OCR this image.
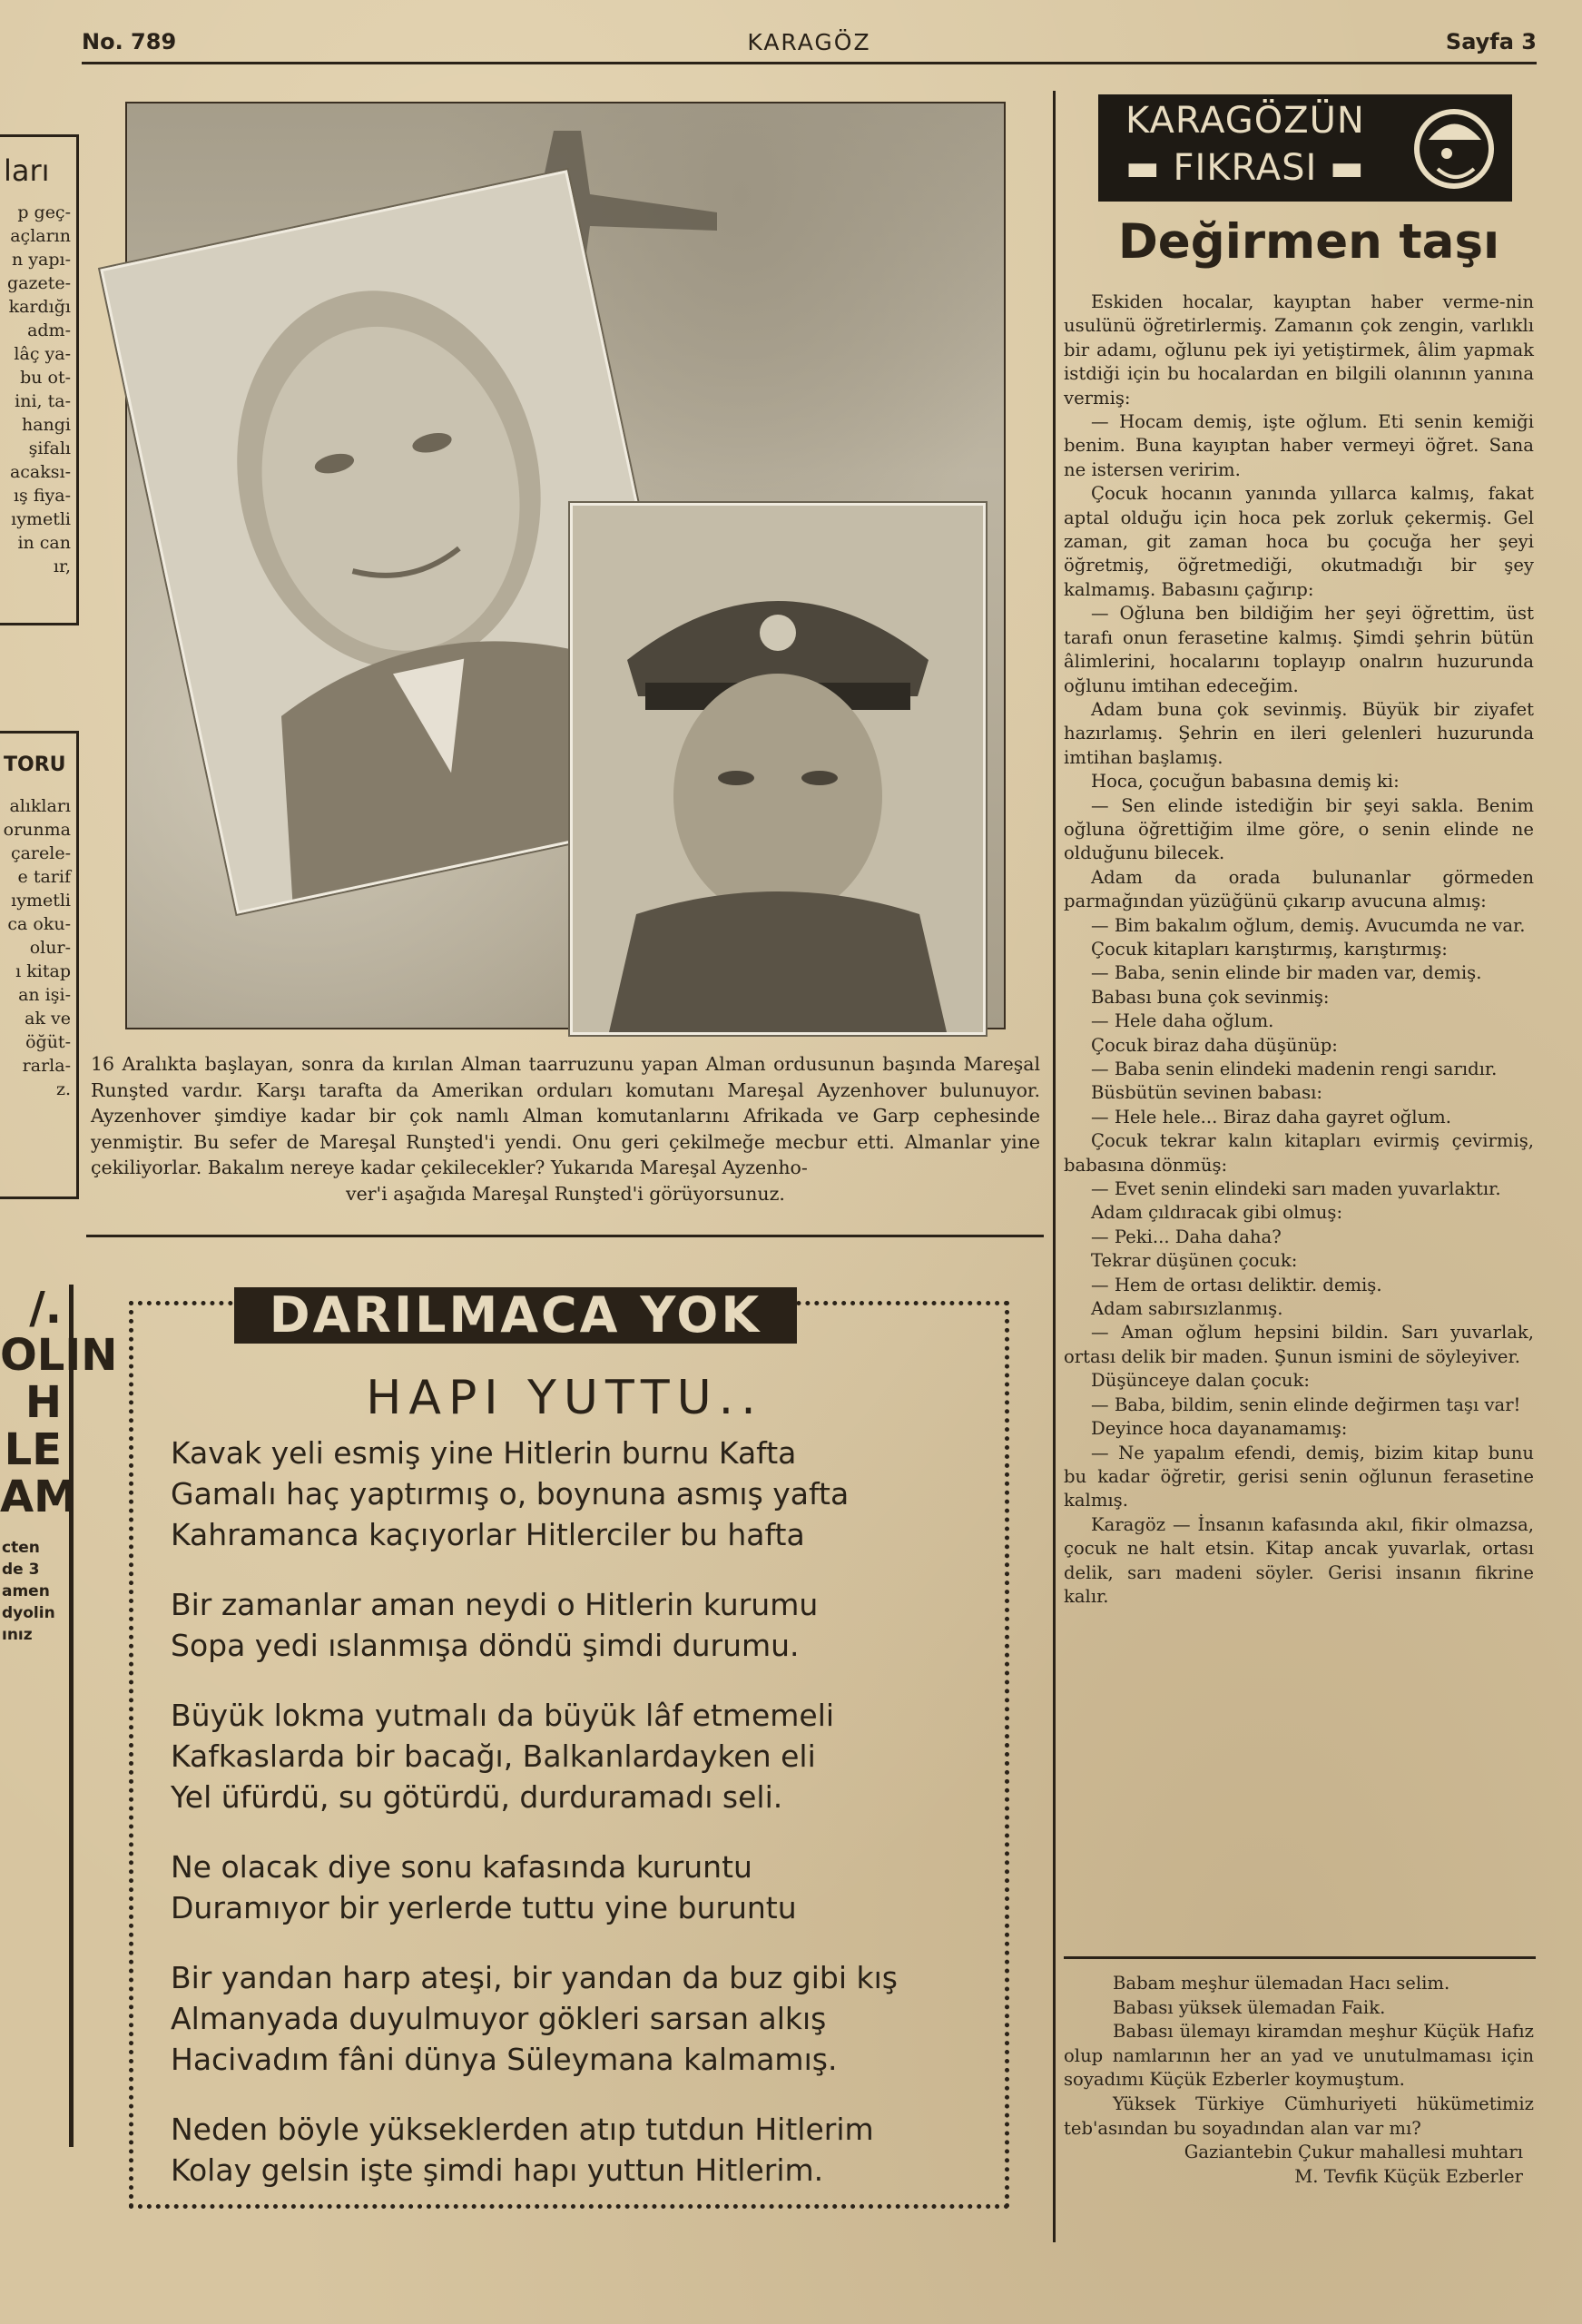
No. 789	KARAGÖZ	Sayfa 3
ları
p geç-
açların
n yapı-
gazete-
kardığı
adm-
lâç ya-
bu ot-
ini, ta-
hangi
şifalı
acaksı-
ış fiya-
ıymetli
in can
ır,
TORU
alıkları
orunma
çarele-
e tarif
ıymetli
ca oku-
olur-
ı kitap
an işi-
ak ve
öğüt-
rarla-
z.
/.
OLIN
H
LE
AM
cten
de 3
amen
dyolin
ınız
16 Aralıkta başlayan, sonra da kırılan Alman taarruzunu yapan Alman ordusunun başında Mareşal Runşted vardır. Karşı tarafta da Amerikan orduları komutanı Mareşal Ayzenhover bulunuyor. Ayzenhover şimdiye kadar bir çok namlı Alman komutanlarını Afrikada ve Garp cephesinde yenmiştir. Bu sefer de Mareşal Runşted'i yendi. Onu geri çekilmeğe mecbur etti. Almanlar yine çekiliyorlar. Bakalım nereye kadar çekilecekler? Yukarıda Mareşal Ayzenho-
ver'i aşağıda Mareşal Runşted'i görüyorsunuz.
DARILMACA YOK
HAPI YUTTU..
Kavak yeli esmiş yine Hitlerin burnu Kafta
Gamalı haç yaptırmış o, boynuna asmış yafta
Kahramanca kaçıyorlar Hitlerciler bu hafta
Bir zamanlar aman neydi o Hitlerin kurumu
Sopa yedi ıslanmışa döndü şimdi durumu.
Büyük lokma yutmalı da büyük lâf etmemeli
Kafkaslarda bir bacağı, Balkanlardayken eli
Yel üfürdü, su götürdü, durduramadı seli.
Ne olacak diye sonu kafasında kuruntu
Duramıyor bir yerlerde tuttu yine buruntu
Bir yandan harp ateşi, bir yandan da buz gibi kış
Almanyada duyulmuyor gökleri sarsan alkış
Hacivadım fâni dünya Süleymana kalmamış.
Neden böyle yükseklerden atıp tutdun Hitlerim
Kolay gelsin işte şimdi hapı yuttun Hitlerim.
KARAGÖZÜN
▬ FIKRASI ▬
Değirmen taşı

Eskiden hocalar, kayıptan haber verme-nin usulünü öğretirlermiş. Zamanın çok zengin, varlıklı bir adamı, oğlunu pek iyi yetiştirmek, âlim yapmak istdiği için bu hocalardan en bilgili olanının yanına vermiş:

— Hocam demiş, işte oğlum. Eti senin kemiği benim. Buna kayıptan haber vermeyi öğret. Sana ne istersen veririm.

Çocuk hocanın yanında yıllarca kalmış, fakat aptal olduğu için hoca pek zorluk çekermiş. Gel zaman, git zaman hoca bu çocuğa her şeyi öğretmiş, öğretmediği, okutmadığı bir şey kalmamış. Babasını çağırıp:

— Oğluna ben bildiğim her şeyi öğrettim, üst tarafı onun ferasetine kalmış. Şimdi şehrin bütün âlimlerini, hocalarını toplayıp onalrın huzurunda oğlunu imtihan edeceğim.

Adam buna çok sevinmiş. Büyük bir ziyafet hazırlamış. Şehrin en ileri gelenleri huzurunda imtihan başlamış.

Hoca, çocuğun babasına demiş ki:

— Sen elinde istediğin bir şeyi sakla. Benim oğluna öğrettiğim ilme göre, o senin elinde ne olduğunu bilecek.

Adam da orada bulunanlar görmeden parmağından yüzüğünü çıkarıp avucuna almış:

— Bim bakalım oğlum, demiş. Avucumda ne var.

Çocuk kitapları karıştırmış, karıştırmış:

— Baba, senin elinde bir maden var, demiş.

Babası buna çok sevinmiş:

— Hele daha oğlum.

Çocuk biraz daha düşünüp:

— Baba senin elindeki madenin rengi sarıdır.

Büsbütün sevinen babası:

— Hele hele... Biraz daha gayret oğlum.

Çocuk tekrar kalın kitapları evirmiş çevirmiş, babasına dönmüş:

— Evet senin elindeki sarı maden yuvarlaktır.

Adam çıldıracak gibi olmuş:

— Peki... Daha daha?

Tekrar düşünen çocuk:

— Hem de ortası deliktir. demiş.

Adam sabırsızlanmış.

— Aman oğlum hepsini bildin. Sarı yuvarlak, ortası delik bir maden. Şunun ismini de söyleyiver.

Düşünceye dalan çocuk:

— Baba, bildim, senin elinde değirmen taşı var!

Deyince hoca dayanamamış:

— Ne yapalım efendi, demiş, bizim kitap bunu bu kadar öğretir, gerisi senin oğlunun ferasetine kalmış.

Karagöz — İnsanın kafasında akıl, fikir olmazsa, çocuk ne halt etsin. Kitap ancak yuvarlak, ortası delik, sarı madeni söyler. Gerisi insanın fikrine kalır.

Babam meşhur ülemadan Hacı selim.

Babası yüksek ülemadan Faik.

Babası ülemayı kiramdan meşhur Küçük Hafız olup namlarının her an yad ve unutulmaması için soyadımı Küçük Ezberler koymuştum.

Yüksek Türkiye Cümhuriyeti hükümetimiz teb'asından bu soyadından alan var mı?

Gaziantebin Çukur mahallesi muhtarı

M. Tevfik Küçük Ezberler
